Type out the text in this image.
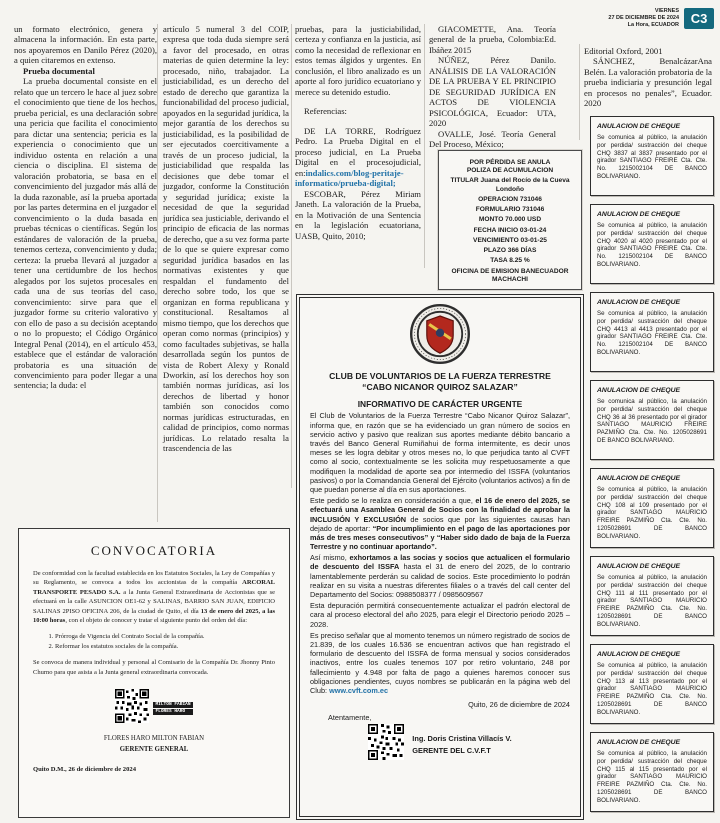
VIERNES
27 DE DICIEMBRE DE 2024
La Hora, ECUADOR C3

un formato electrónico, genera y almacena la información. En esta parte, nos apoyaremos en Danilo Pérez (2020), a quien citaremos en extenso.

Prueba documental

La prueba documental consiste en el relato que un tercero le hace al juez sobre el conocimiento que tiene de los hechos, prueba pericial, es una declaración sobre una pericia que facilita el conocimiento para dictar una sentencia; pericia es la experiencia o conocimiento que un individuo ostenta en relación a una ciencia o disciplina. El sistema de valoración probatoria, se basa en el convencimiento del juzgador más allá de la duda razonable, así la prueba aportada por las partes determina en el juzgador el convencimiento o la duda basada en pruebas técnicas o científicas. Según los estándares de valoración de la prueba, tenemos certeza, convencimiento y duda; certeza: la prueba llevará al juzgador a tener una certidumbre de los hechos alegados por los sujetos procesales en cada una de sus teorías del caso, convencimiento: sirve para que el juzgador forme su criterio valorativo y con ello de paso a su decisión aceptando o no lo propuesto; el Código Orgánico Integral Penal (2014), en el artículo 453, establece que el estándar de valoración probatoria es una situación de convencimiento para poder llegar a una sentencia; la duda: el

artículo 5 numeral 3 del COIP, expresa que toda duda siempre será a favor del procesado, en otras materias de quien determine la ley: procesado, niño, trabajador. La justiciabilidad, es un derecho del estado de derecho que garantiza la funcionabilidad del proceso judicial, apoyados en la seguridad jurídica, la mejor garantía de los derechos su justiciabilidad, es la posibilidad de ser ejecutados coercitivamente a través de un proceso judicial, la justiciabilidad que respalda las decisiones que debe tomar el juzgador, conforme la Constitución y seguridad jurídica; existe la necesidad de que la seguridad jurídica sea justiciable, derivando el principio de eficacia de las normas de derecho, que a su vez forma parte de lo que se quiere expresar como seguridad jurídica basados en las normativas existentes y que respaldan el fundamento del derecho sobre todo, los que se organizan en forma republicana y constitucional. Resaltamos al mismo tiempo, que los derechos que operan como normas (principios) y como facultades subjetivas, se halla desarrollada según los puntos de vista de Robert Alexy y Ronald Dworkin, así los derechos hoy son también normas jurídicas, así los derechos de libertad y honor también son conocidos como normas jurídicas estructuradas, en calidad de principios, como normas jurídicas. Lo relatado resalta la trascendencia de las

pruebas, para la justiciabilidad, certeza y confianza en la justicia, así como la necesidad de reflexionar en estos temas álgidos y urgentes. En conclusión, el libro analizado es un aporte al foro jurídico ecuatoriano y merece su detenido estudio.

Referencias:

DE LA TORRE, Rodríguez Pedro. La Prueba Digital en el proceso judicial, en La Prueba Digital en el procesojudicial, en:indalics.com/blog-peritaje-informatico/prueba-digital;

ESCOBAR, Pérez Miriam Janeth. La valoración de la Prueba, en la Motivación de una Sentencia en la legislación ecuatoriana, UASB, Quito, 2010;

GIACOMETTE, Ana. Teoría general de la prueba, Colombia:Ed. Ibáñez 2015

NÚÑEZ, Pérez Danilo. ANÁLISIS DE LA VALORACIÓN DE LA PRUEBA Y EL PRINCIPIO DE SEGURIDAD JURÍDICA EN ACTOS DE VIOLENCIA PSICOLÓGICA, Ecuador: UTA, 2020

OVALLE, José. Teoría General Del Proceso, México;

Editorial Oxford, 2001

SÁNCHEZ, BenalcázarAna Belén. La valoración probatoria de la prueba indiciaria y presunción legal en procesos no penales”, Ecuador. 2020

POR PÉRDIDA SE ANULA
POLIZA DE ACUMULACION
TITULAR Juana del Rocío de la Cueva Londoño
OPERACION 731046
FORMULARIO 731046
MONTO 70.000 USD
FECHA INICIO 03-01-24
VENCIMIENTO 03-01-25
PLAZO 366 DÍAS
TASA 8.25 %
OFICINA DE EMISION BANECUADOR MACHACHI
CLUB DE VOLUNTARIOS DE LA FUERZA TERRESTRE
“CABO NICANOR QUIROZ SALAZAR”
INFORMATIVO DE CARÁCTER URGENTE

El Club de Voluntarios de la Fuerza Terrestre “Cabo Nicanor Quiroz Salazar”, informa que, en razón que se ha evidenciado un gran número de socios en servicio activo y pasivo que realizan sus aportes mediante débito bancario a través del Banco General Rumiñahui de forma intermitente, es decir unos meses se les logra debitar y otros meses no, lo que perjudica tanto al CVFT como al socio, contextualmente se les solicita muy respetuosamente a que modifiquen la modalidad de aporte sea por intermedio del ISSFA (voluntarios pasivos) o por la Comandancia General del Ejército (voluntarios activos) a fin de que puedan ponerse al día en sus aportaciones.

Este pedido se lo realiza en consideración a que, el 16 de enero del 2025, se efectuará una Asamblea General de Socios con la finalidad de aprobar la INCLUSIÓN Y EXCLUSIÓN de socios que por las siguientes causas han dejado de aportar: “Por incumplimiento en el pago de las aportaciones por más de tres meses consecutivos” y “Haber sido dado de baja de la Fuerza Terrestre y no continuar aportando”.

Así mismo, exhortamos a las socias y socios que actualicen el formulario de descuento del ISSFA hasta el 31 de enero del 2025, de lo contrario lamentablemente perderán su calidad de socios. Este procedimiento lo podrán realizar en su visita a nuestras diferentes filiales o a través del call center del Departamento del Socios: 0988508377 / 0985609567

Esta depuración permitirá consecuentemente actualizar el padrón electoral de cara al proceso electoral del año 2025, para elegir el Directorio periodo 2025 – 2028.

Es preciso señalar que al momento tenemos un número registrado de socios de 21.839, de los cuales 16.536 se encuentran activos que han registrado el formulario de descuento del ISSFA de forma mensual y socios considerados inactivos, entre los cuales tenemos 107 por retiro voluntario, 248 por fallecimiento y 4.948 por falta de pago a quienes haremos conocer sus obligaciones pendientes, cuyos nombres se publicarán en la página web del Club: www.cvft.com.ec

Quito, 26 de diciembre de 2024
Atentamente,
Ing. Doris Cristina Villacís V.
GERENTE DEL C.V.F.T
CONVOCATORIA

De conformidad con la facultad establecida en los Estatutos Sociales, la Ley de Compañías y su Reglamento, se convoca a todos los accionistas de la compañía ARCORAL TRANSPORTE PESADO S.A. a la Junta General Extraordinaria de Accionistas que se efectuará en la calle ASUNCION OE1-62 y SALINAS, BARRIO SAN JUAN, EDIFICIO SALINAS 2PISO OFICINA 206, de la ciudad de Quito, el día 13 de enero del 2025, a las 10:00 horas, con el objeto de conocer y tratar el siguiente punto del orden del día:

1. Prórroga de Vigencia del Contrato Social de la compañía.
2. Reformar los estatutos sociales de la compañía.

Se convoca de manera individual y personal al Comisario de la Compañía Dr. Jhonny Pinto Churno para que asista a la Junta general extraordinaria convocada.

MILTON FABIAN
FLORES HARO
FLORES HARO MILTON FABIAN
GERENTE GENERAL
Quito D.M., 26 de diciembre de 2024
ANULACION DE CHEQUE

Se comunica al público, la anulación por perdida/ sustracción del cheque CHQ 3837 al 3837 presentado por el girador SANTIAGO FREIRE Cta. Cte. No. 1215002104 DE BANCO BOLIVARIANO.

ANULACION DE CHEQUE

Se comunica al público, la anulación por perdida/ sustracción del cheque CHQ 4020 al 4020 presentado por el girador SANTIAGO FREIRE Cta. Cte. No. 1215002104 DE BANCO BOLIVARIANO.

ANULACION DE CHEQUE

Se comunica al público, la anulación por perdida/ sustracción del cheque CHQ 4413 al 4413 presentado por el girador SANTIAGO FREIRE Cta. Cte. No. 1215002104 DE BANCO BOLIVARIANO.

ANULACION DE CHEQUE

Se comunica al público, la anulación por perdida/ sustracción del cheque CHQ 36 al 36 presentado por el girador SANTIAGO MAURICIO FREIRE PAZMIÑO Cta. Cte. No. 1205028691 DE BANCO BOLIVARIANO.

ANULACION DE CHEQUE

Se comunica al público, la anulación por perdida/ sustracción del cheque CHQ 108 al 109 presentado por el girador SANTIAGO MAURICIO FREIRE PAZMIÑO Cta. Cte. No. 1205028691 DE BANCO BOLIVARIANO.

ANULACION DE CHEQUE

Se comunica al público, la anulación por perdida/ sustracción del cheque CHQ 111 al 111 presentado por el girador SANTIAGO MAURICIO FREIRE PAZMIÑO Cta. Cte. No. 1205028691 DE BANCO BOLIVARIANO.

ANULACION DE CHEQUE

Se comunica al público, la anulación por perdida/ sustracción del cheque CHQ 113 al 113 presentado por el girador SANTIAGO MAURICIO FREIRE PAZMIÑO Cta. Cte. No. 1205028691 DE BANCO BOLIVARIANO.

ANULACION DE CHEQUE

Se comunica al público, la anulación por perdida/ sustracción del cheque CHQ 115 al 115 presentado por el girador SANTIAGO MAURICIO FREIRE PAZMIÑO Cta. Cte. No. 1205028691 DE BANCO BOLIVARIANO.
